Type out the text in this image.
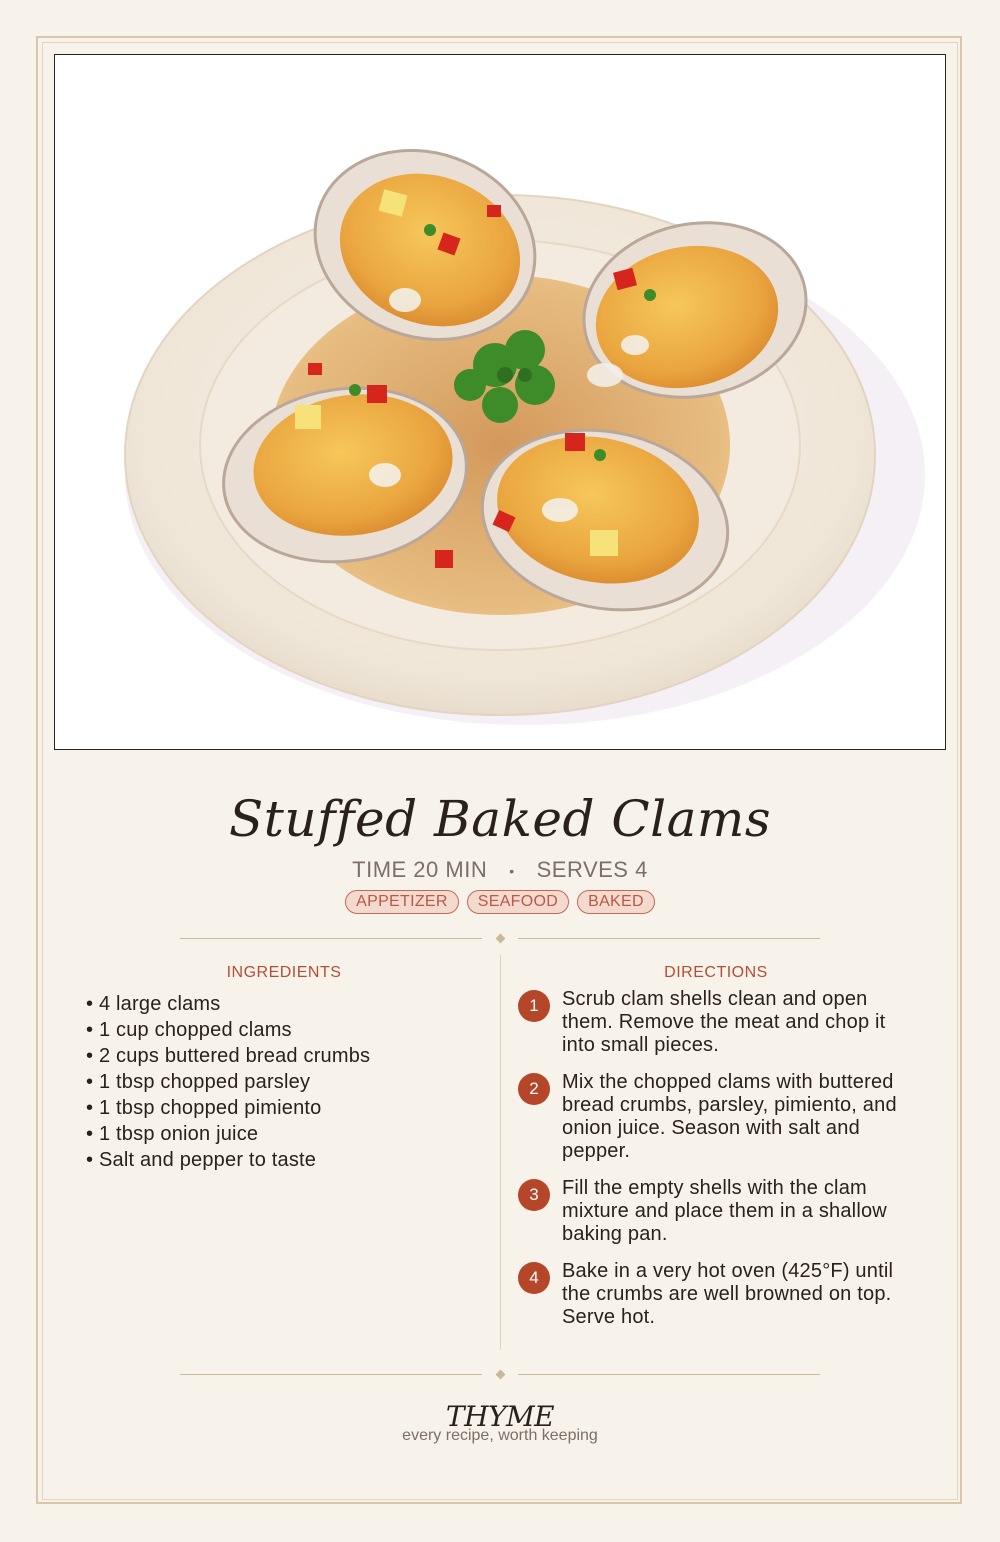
Stuffed Baked Clams
TIME 20 MIN • SERVES 4
APPETIZER SEAFOOD BAKED
INGREDIENTS
• 4 large clams
• 1 cup chopped clams
• 2 cups buttered bread crumbs
• 1 tbsp chopped parsley
• 1 tbsp chopped pimiento
• 1 tbsp onion juice
• Salt and pepper to taste
DIRECTIONS
1	Scrub clam shells clean and open them. Remove the meat and chop it into small pieces.
2	Mix the chopped clams with buttered bread crumbs, parsley, pimiento, and onion juice. Season with salt and pepper.
3	Fill the empty shells with the clam mixture and place them in a shallow baking pan.
4	Bake in a very hot oven (425°F) until the crumbs are well browned on top. Serve hot.
THYME
every recipe, worth keeping
